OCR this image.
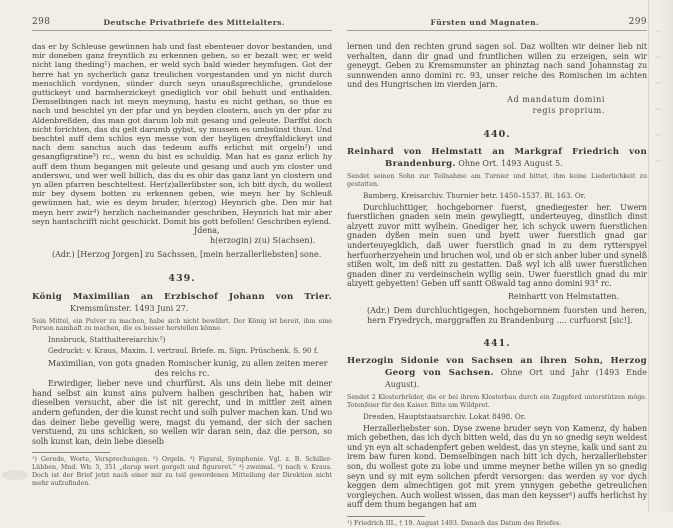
298	Deutsche Privatbriefe des Mittelalters.
das er by Schleuse gewünnen hab und fast ebenteuer dovor bestanden, und mir doneben ganz freyntlich zu erkennen geben, so er bezalt wer, er weld nicht lang theding¹) machen, er weld sych bald wieder heymfugen. Got der herre hat yn sycherlich ganz treulichen vorgestanden und yn nicht durch menschlich vordynen, sünder durch seyn unaußsprechliche, grundelose guttickeyt und barmherzickeyt gnediglich vor obil behutt und enthalden. Demselbingen nach ist meyn meynung, hastu es nicht gethan, so thue es nach und beschtel yn der pfar und yn beyden clostern, auch yn der pfar zu Aldenbreßden, das man got darum lob mit gesang und geleute. Darffst doch nicht forichten, das du gelt darumb gybst, sy mussen es umbsünst thun. Und beschtel auff dem schlos eyn messe von der heyligen dreyffaldickeyt und nach dem sanctus auch das tedeum auffs erlichst mit orgeln²) und gesangfigratine³) rc., wenn du bist es schuldig. Man hat es ganz erlich hy auff dem thum begangen mit geleute und gesang und auch ym closter und anderswu, und wer well billich, das du es obir das ganz lant yn clostern und yn allen pfarren beschteltest. Her(z)allerlibster son, ich bitt dych, du wollest mir bey dysem botten zu erkennen geben, wie meyn her by Schleuß gewünnen hat, wie es deym bruder, h(erzog) Heynrich ghe. Den mir hat meyn herr zwir⁴) herzlich nacheinander geschriben, Heynrich hat mir aber seyn hantschrifft nicht geschickt. Domit bis gott befollen! Geschriben eylend.
Jdena,
h(erzogin) z(u) S(achsen).
(Adr.) [Herzog Jorgen] zu Sachssen, [mein herzallerliebsten] sone.
439.
König Maximilian an Erzbischof Johann von Trier. Kremsmünster. 1493 Juni 27.
Sein Mittel, ein Pulver zu machen, habe sich nicht bewährt. Der König ist bereit, ihm eine Person namhaft zu machen, die es besser herstellen könne.
Innsbruck, Statthaltereiarchiv.⁵)
Gedruckt: v. Kraus, Maxim. I. vertraul. Briefe. m. Sign. Prüschenk. S. 90 f.
Maximilian, von gots gnaden Romischer kunig, zu allen zeiten merer
des reichs rc.
Erwirdiger, lieber neve und churfürst. Als uns dein liebe mit deiner hand selbst ain kunst ains pulvern halben geschriben hat, haben wir dieselben versucht, aber die ist nit gerecht, und in mittler zeit ainen andern gefunden, der die kunst recht und solh pulver machen kan. Und wo das deiner liebe gevellig were, magst du yemand, der sich der sachen verstuend, zu uns schicken, so wellen wir daran sein, daz die person, so solh kunst kan, dein liebe dieselb
¹) Gerede, Worte, Versprechungen. ²) Orgeln. ³) Figural, Symphonie. Vgl. z. B. Schiller-Lübben, Mnd. Wb. 5, 351 „darup wert gorgelt und figureret.“ ⁴) zweimal. ⁵) nach v. Kraus. Doch ist der Brief jetzt nach einer mir zu teil gewordenen Mitteilung der Direktion nicht mehr aufzufinden.
Fürsten und Magnaten.	299
lernen und den rechten grund sagen sol. Daz wollten wir deiner lieb nit verhalten, dann dir gnad und fruntlichen willen zu erzeigen, sein wir geneygt. Geben zu Kremsmunster an phinztag nach sand Johannstag zu sunnwenden anno domini rc. 93, unser reiche des Romischen im achten und des Hungrischen im vierden jarn.
Ad mandatum domini
regis proprium.
440.
Reinhard von Helmstatt an Markgraf Friedrich von Brandenburg. Ohne Ort. 1493 August 5.
Sendet seinen Sohn zur Teilnahme am Turnier und bittet, ihm keine Liederlichkeit zu gestatten.
Bamberg, Kreisarchiv. Thurnier betr. 1450–1537. Bl. 163. Or.
Durchluchttiger, hochgeborner fuerst, gnediegester her. Uwern fuerstlichen gnaden sein mein gewyliegtt, underteuyeg, dinstlich dinst alzyett zuvor mitt wylhein. Gnediger her, ich schyck uwern fuerstlichen gnaden dyßen mein suen und byett uwer fuerstlich gnad gar underteuyegklich, daß uwer fuerstlich gnad in zu dem rytterspyel herfuorherzyehein und bruchen wol, und ob er sich anber luber und synelß stißen wolt, im deß nitt zu gestatten. Daß wyl ich alß uwer fuerstlichen gnaden diner zu verdeinschein wyllig sein. Uwer fuerstlich gnad du mir alzyett gebyetten! Geben uff santt Oßwald tag anno domini 93° rc.
Reinhartt von Helmstatten.
(Adr.) Dem durchluchtigegen, hochgebornnem fuorsten und heren, hern Fryedrych, marggraffen zu Brandenburg .... curfuorst [sic!].
441.
Herzogin Sidonie von Sachsen an ihren Sohn, Herzog Georg von Sachsen. Ohne Ort und Jahr (1493 Ende August).
Sendet 2 Klosterbrüder, die er bei ihrem Klosterbau durch ein Zugpferd unterstützen möge. Totenfeier für den Kaiser. Bitte um Wildpret.
Dresden, Hauptstaatsarchiv. Lokat 8498. Or.
Herzallerliebster son. Dyse zwene bruder seyn von Kamenz, dy haben mich gebethen, das ich dych bitten weld, das du yn so gnedig seyn weldest und yn eyn alt schadenpfert geben weldest, das yn steyne, kalk und sant zu irem baw furen kond. Demselbingen nach bitt ich dych, herzallerliebster son, du wollest gote zu lobe und umme meyner bethe willen yn so gnedig seyn und sy mit eym solichen pferdt versorgen: das werden sy vor dych keggen dem almechtigen got mit yrem ynnygen gebethe getreulichen vorgleychen. Auch wollest wissen, das man den keysser¹) auffs herlichst hy auff dem thum begangen hat am
¹) Friedrich III., † 19. August 1493. Danach das Datum des Briefes.
